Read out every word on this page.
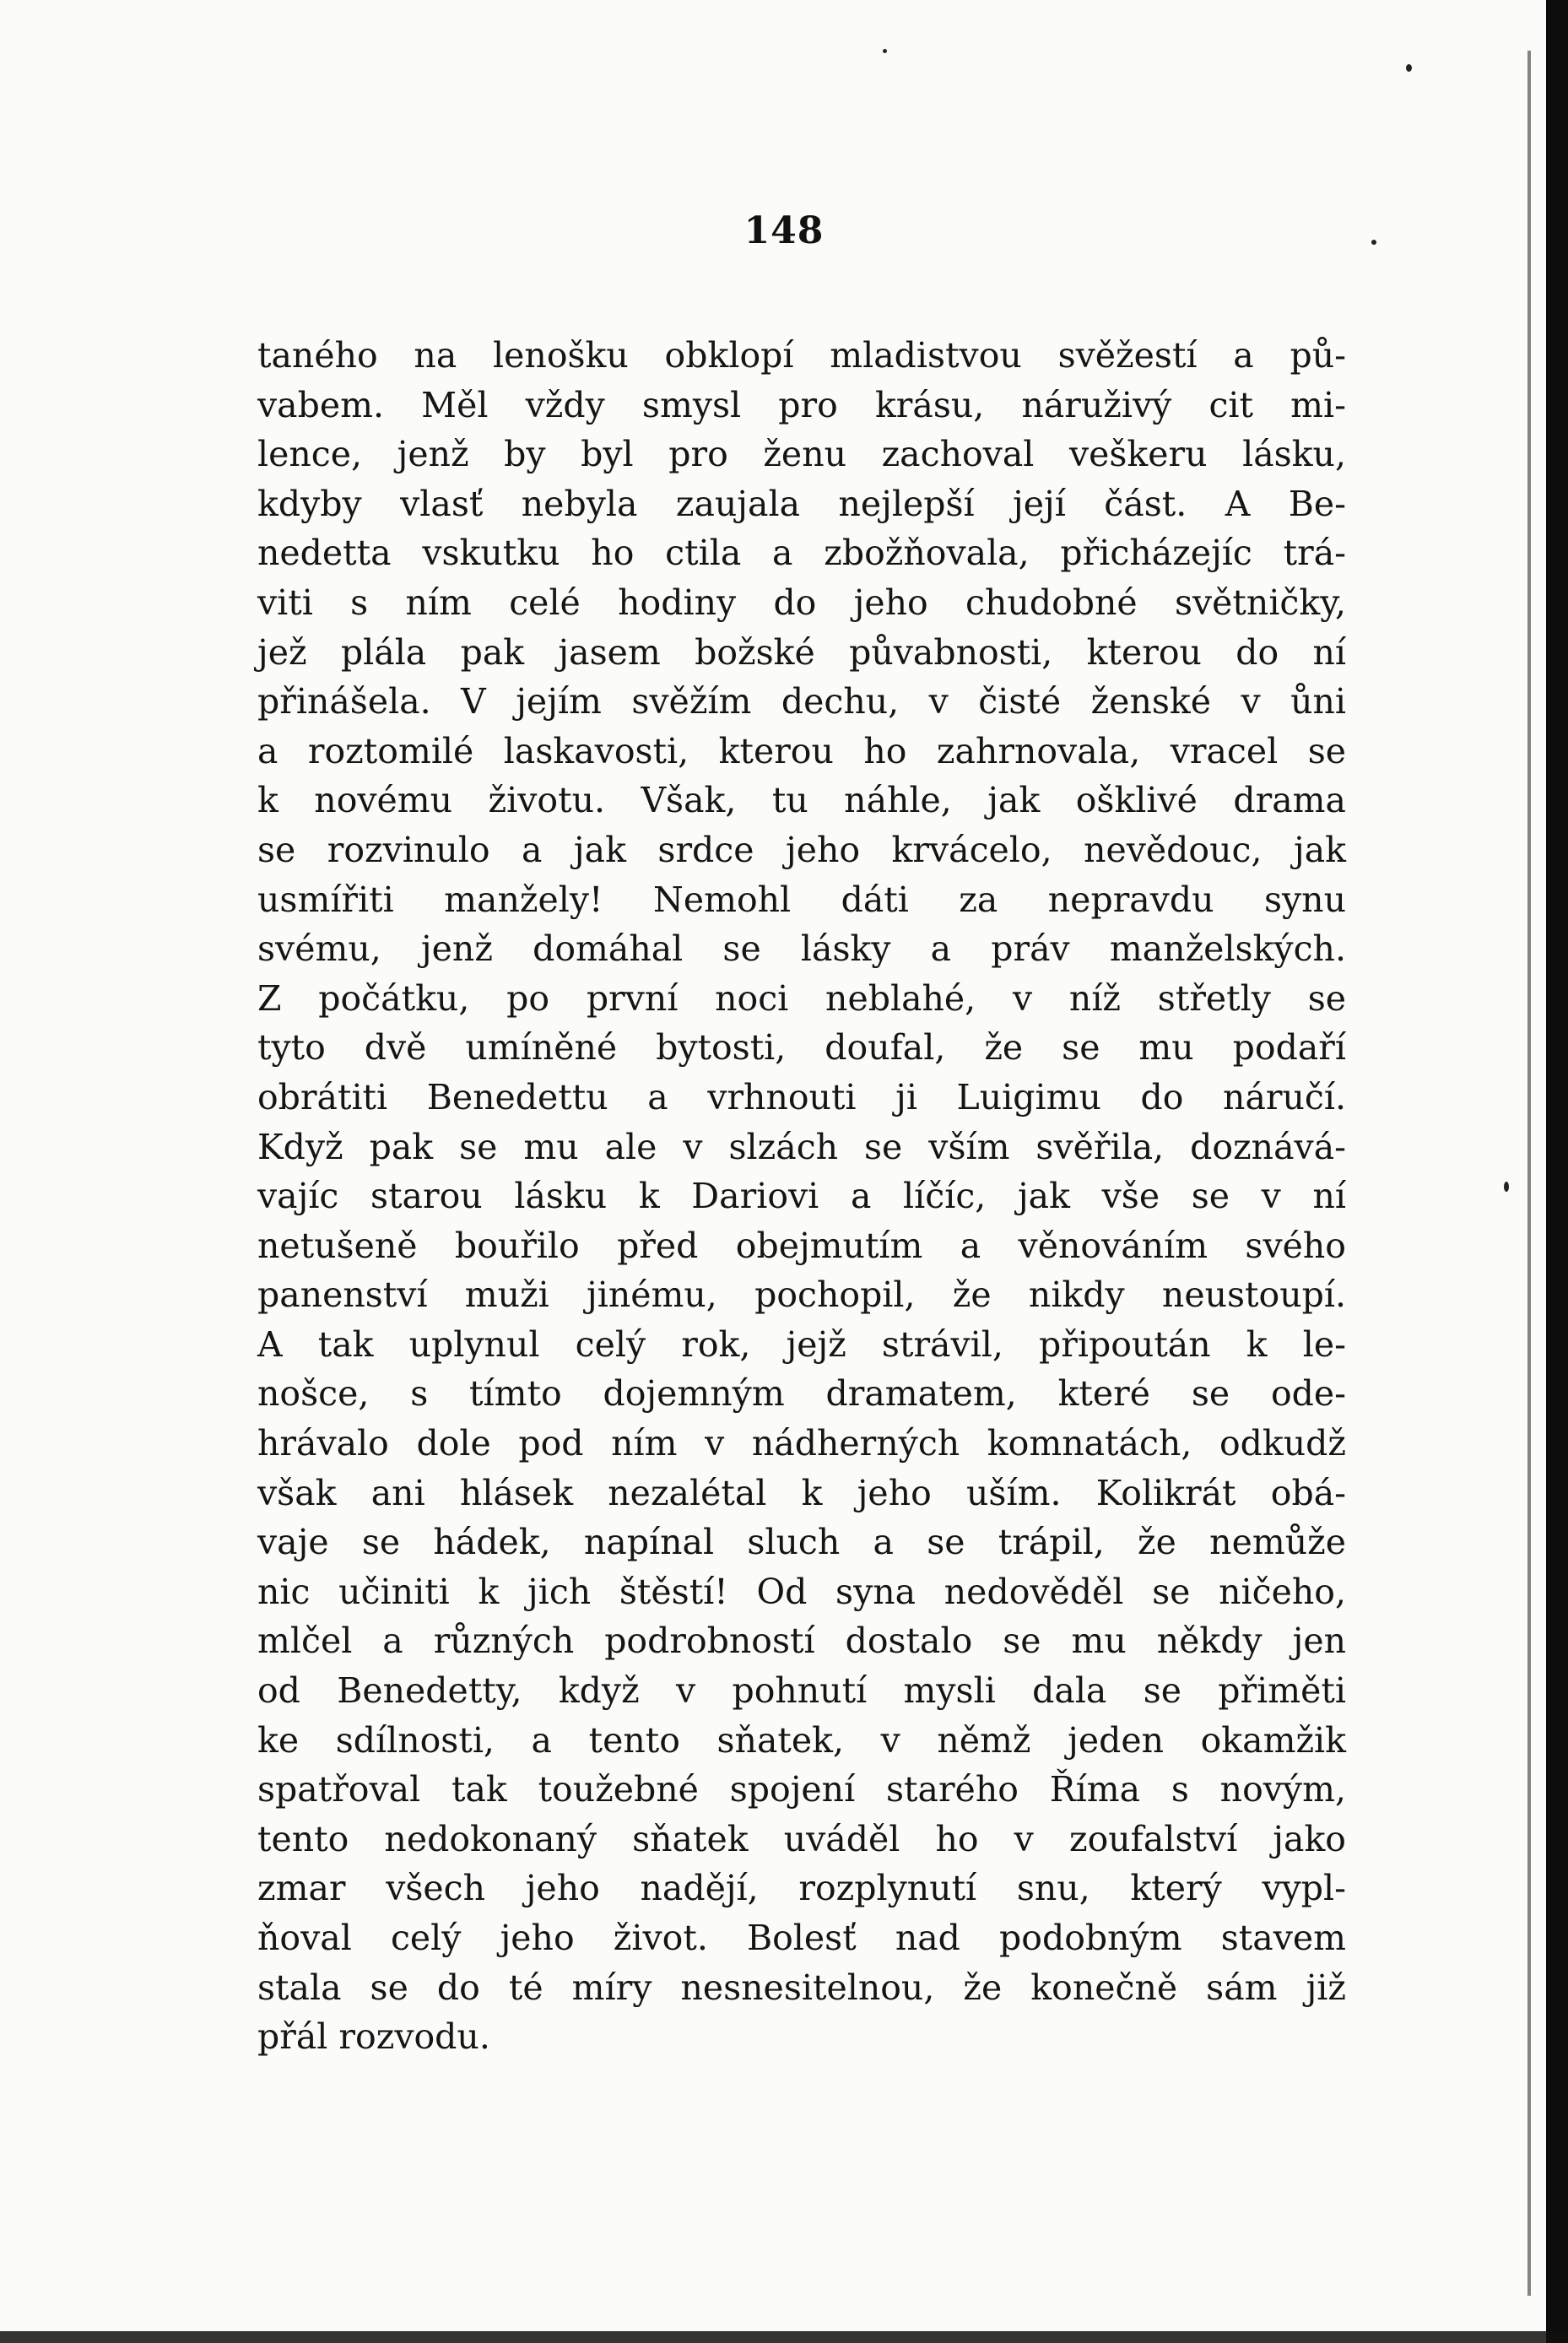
148
taného na lenošku obklopí mladistvou svěžestí a pů-
vabem. Měl vždy smysl pro krásu, náruživý cit mi-
lence, jenž by byl pro ženu zachoval veškeru lásku,
kdyby vlasť nebyla zaujala nejlepší její část. A Be-
nedetta vskutku ho ctila a zbožňovala, přicházejíc trá-
viti s ním celé hodiny do jeho chudobné světničky,
jež plála pak jasem božské půvabnosti, kterou do ní
přinášela. V jejím svěžím dechu, v čisté ženské v ůni
a roztomilé laskavosti, kterou ho zahrnovala, vracel se
k novému životu. Však, tu náhle, jak ošklivé drama
se rozvinulo a jak srdce jeho krvácelo, nevědouc, jak
usmířiti manžely! Nemohl dáti za nepravdu synu
svému, jenž domáhal se lásky a práv manželských.
Z počátku, po první noci neblahé, v níž střetly se
tyto dvě umíněné bytosti, doufal, že se mu podaří
obrátiti Benedettu a vrhnouti ji Luigimu do náručí.
Když pak se mu ale v slzách se vším svěřila, doznává-
vajíc starou lásku k Dariovi a líčíc, jak vše se v ní
netušeně bouřilo před obejmutím a věnováním svého
panenství muži jinému, pochopil, že nikdy neustoupí.
A tak uplynul celý rok, jejž strávil, připoután k le-
nošce, s tímto dojemným dramatem, které se ode-
hrávalo dole pod ním v nádherných komnatách, odkudž
však ani hlásek nezalétal k jeho uším. Kolikrát obá-
vaje se hádek, napínal sluch a se trápil, že nemůže
nic učiniti k jich štěstí! Od syna nedověděl se ničeho,
mlčel a různých podrobností dostalo se mu někdy jen
od Benedetty, když v pohnutí mysli dala se přiměti
ke sdílnosti, a tento sňatek, v němž jeden okamžik
spatřoval tak toužebné spojení starého Říma s novým,
tento nedokonaný sňatek uváděl ho v zoufalství jako
zmar všech jeho nadějí, rozplynutí snu, který vypl-
ňoval celý jeho život. Bolesť nad podobným stavem
stala se do té míry nesnesitelnou, že konečně sám již
přál rozvodu.
